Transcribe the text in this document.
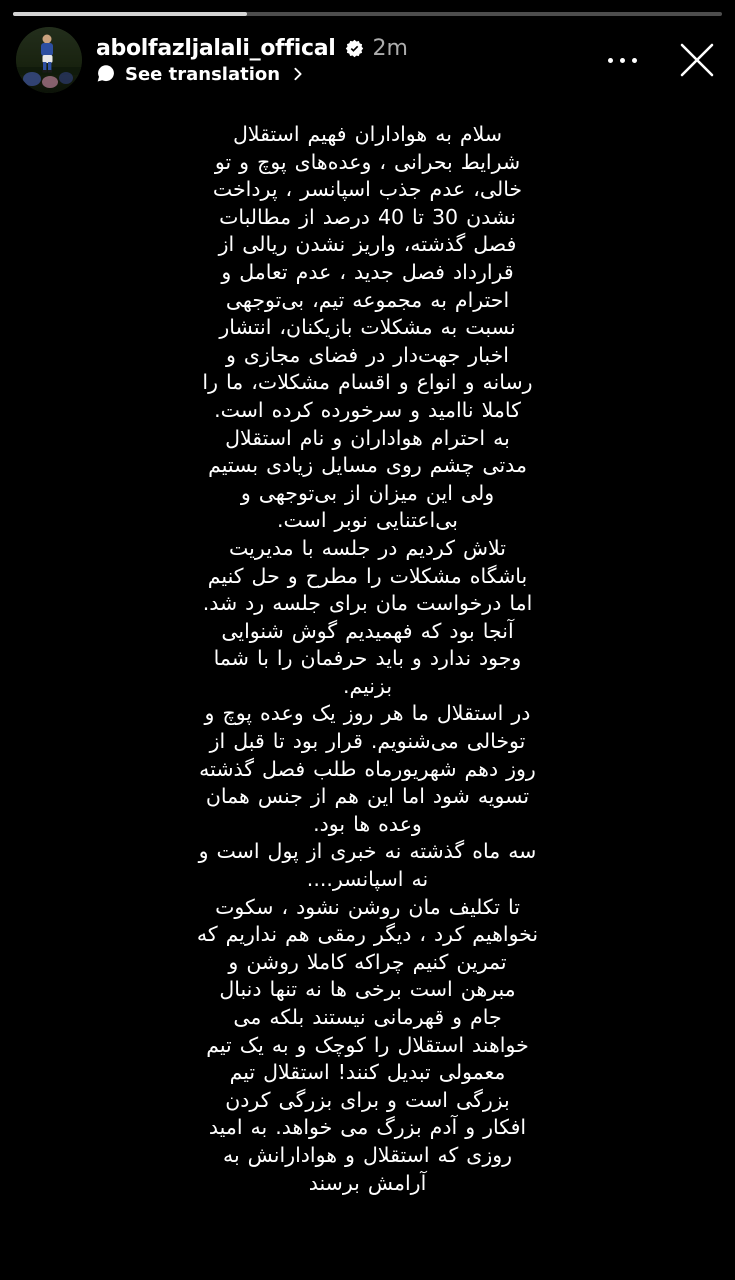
سلام به هواداران فهیم استقلال
شرایط بحرانی ، وعده‌های پوچ و تو
خالی، عدم جذب اسپانسر ، پرداخت
نشدن 30 تا 40 درصد از مطالبات
فصل گذشته، واریز نشدن ریالی از
قرارداد فصل جدید ، عدم تعامل و
احترام به مجموعه تیم، بی‌توجهی
نسبت به مشکلات بازیکنان، انتشار
اخبار جهت‌دار در فضای مجازی و
رسانه و انواع و اقسام مشکلات، ما را
کاملا ناامید و سرخورده کرده است.
به احترام هواداران و نام استقلال
مدتی چشم روی مسایل زیادی بستیم
ولی این میزان از بی‌توجهی و
بی‌اعتنایی نوبر است.
تلاش کردیم در جلسه با مدیریت
باشگاه مشکلات را مطرح و حل کنیم
اما درخواست مان برای جلسه رد شد.
آنجا بود که فهمیدیم گوش شنوایی
وجود ندارد و باید حرفمان را با شما
بزنیم.
در استقلال ما هر روز یک وعده پوچ و
توخالی می‌شنویم. قرار بود تا قبل از
روز دهم شهریورماه طلب فصل گذشته
تسویه شود اما این هم از جنس همان
وعده ها بود.
سه ماه گذشته نه خبری از پول است و
نه اسپانسر....
تا تکلیف مان روشن نشود ، سکوت
نخواهیم کرد ، دیگر رمقی هم نداریم که
تمرین کنیم چراکه کاملا روشن و
مبرهن است برخی ها نه تنها دنبال
جام و قهرمانی نیستند بلکه می
خواهند استقلال را کوچک و به یک تیم
معمولی تبدیل کنند! استقلال تیم
بزرگی است و برای بزرگی کردن
افکار و آدم بزرگ می خواهد. به امید
روزی که استقلال و هوادارانش به
آرامش برسند
abolfazljalali_offical 2m
See translation
